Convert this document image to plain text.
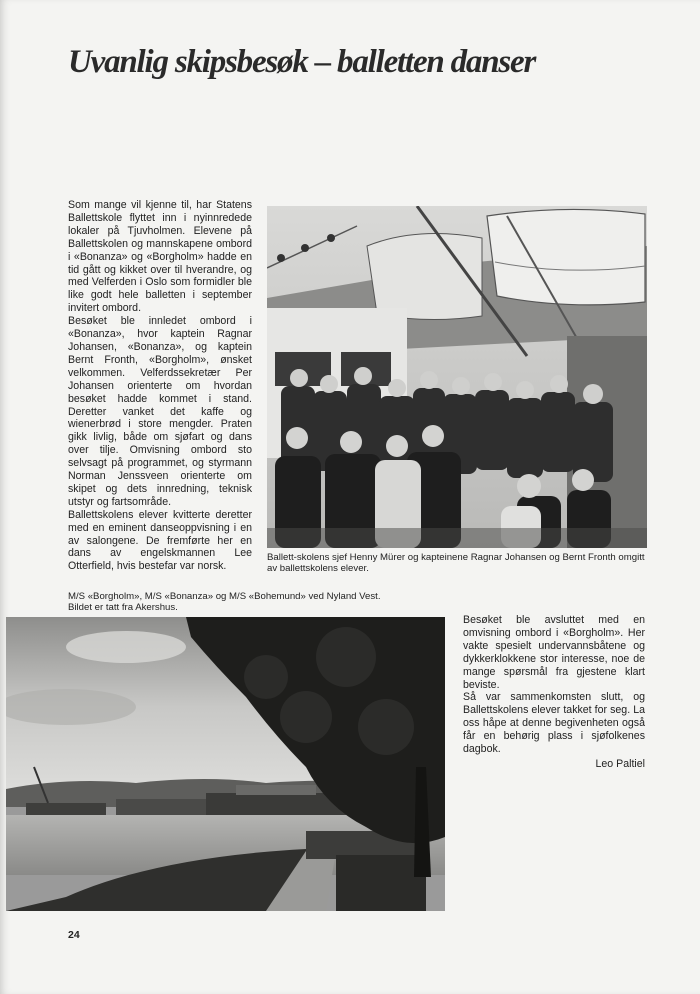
Uvanlig skipsbesøk – balletten danser

Som mange vil kjenne til, har Statens Ballettskole flyttet inn i nyinnredede lokaler på Tjuvholmen. Elevene på Ballettskolen og mannskapene ombord i «Bonanza» og «Borgholm» hadde en tid gått og kikket over til hverandre, og med Velferden i Oslo som formidler ble like godt hele balletten i september invitert ombord.

Besøket ble innledet ombord i «Bonanza», hvor kaptein Ragnar Johansen, «Bonanza», og kaptein Bernt Fronth, «Borgholm», ønsket velkommen. Velferdssekretær Per Johansen orienterte om hvordan besøket hadde kommet i stand. Deretter vanket det kaffe og wienerbrød i store mengder. Praten gikk livlig, både om sjøfart og dans over tilje. Omvisning ombord sto selvsagt på programmet, og styrmann Norman Jenssveen orienterte om skipet og dets innredning, teknisk utstyr og fartsområde.

Ballettskolens elever kvitterte deretter med en eminent danseoppvisning i en av salongene. De fremførte her en dans av engelskmannen Lee Otterfield, hvis bestefar var norsk.

Ballett-skolens sjef Henny Mürer og kapteinene Ragnar Johansen og Bernt Fronth omgitt av ballettskolens elever.
M/S «Borgholm», M/S «Bonanza» og M/S «Bohemund» ved Nyland Vest.
Bildet er tatt fra Akershus.

Besøket ble avsluttet med en omvisning ombord i «Borgholm». Her vakte spesielt undervannsbåtene og dykkerklokkene stor interesse, noe de mange spørsmål fra gjestene klart beviste.

Så var sammenkomsten slutt, og Ballettskolens elever takket for seg. La oss håpe at denne begivenheten også får en behørig plass i sjøfolkenes dagbok.

Leo Paltiel

24
